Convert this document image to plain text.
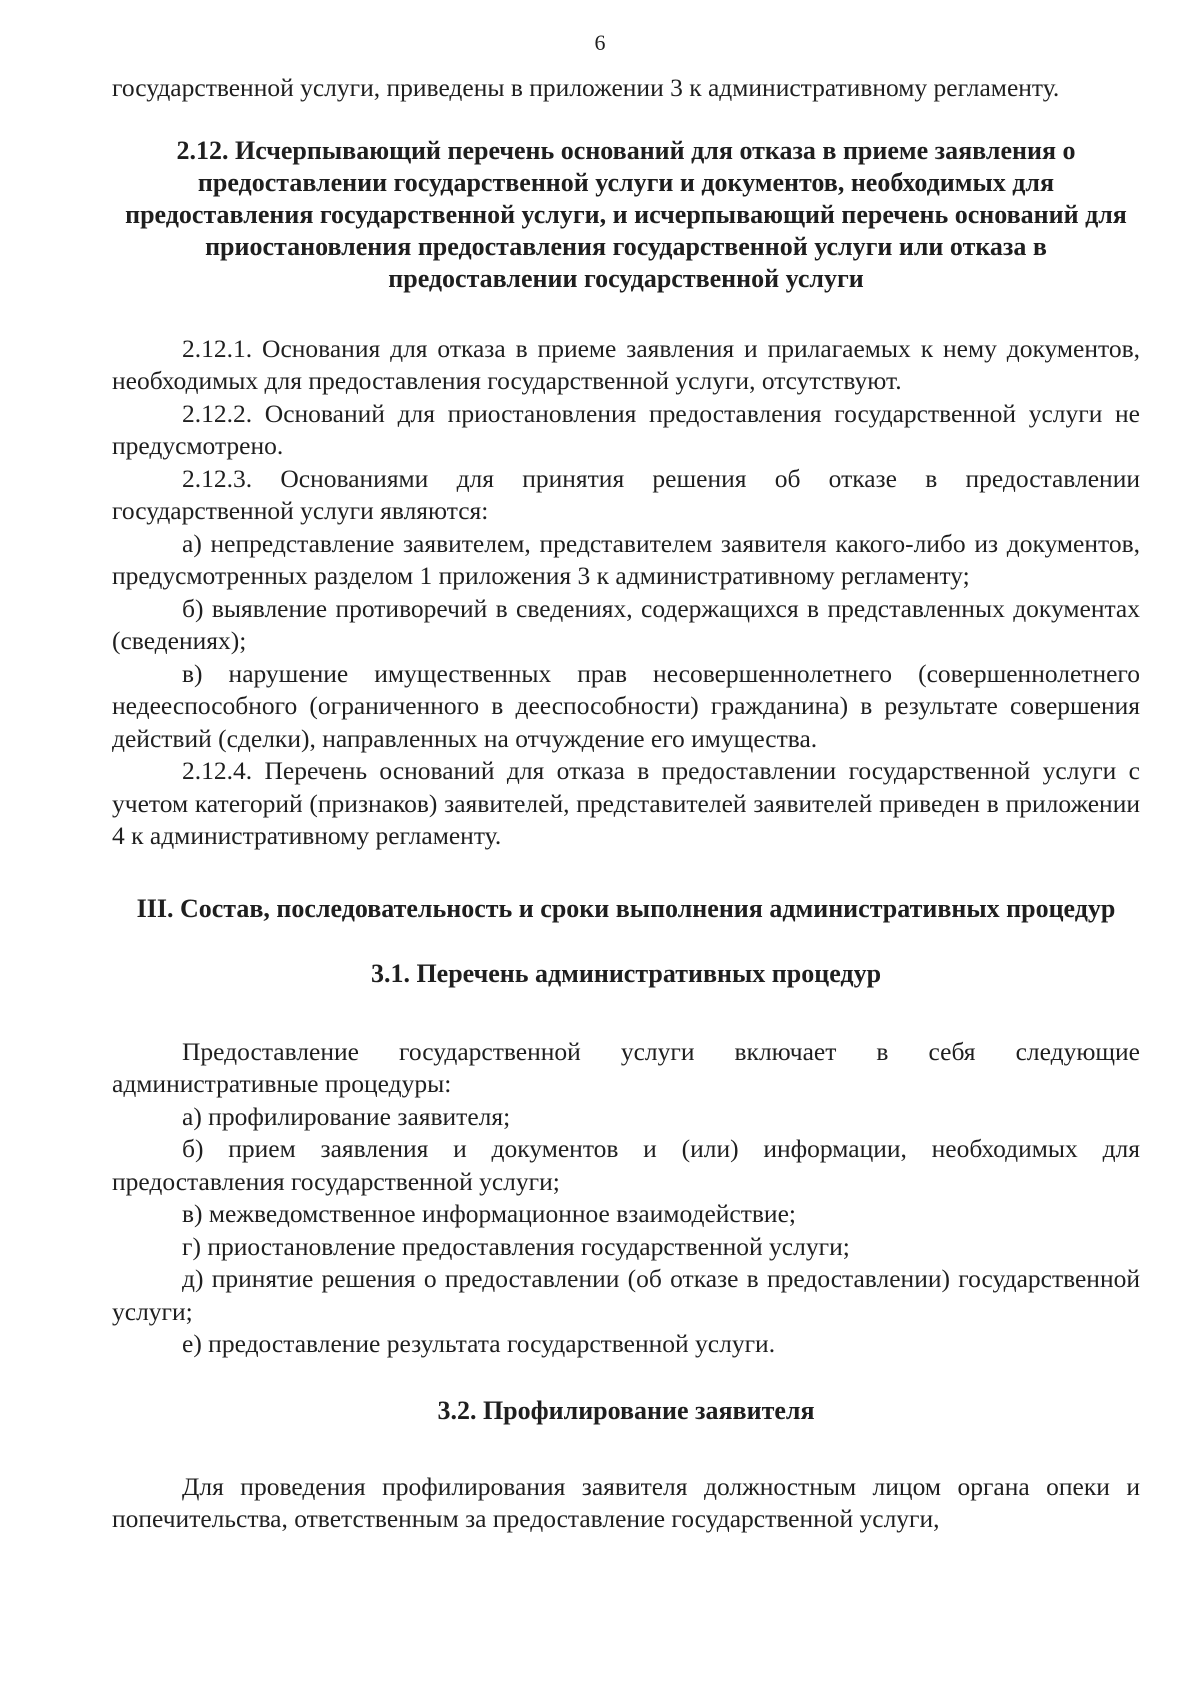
6

государственной услуги, приведены в приложении 3 к административному регламенту.

2.12. Исчерпывающий перечень оснований для отказа в приеме заявления о предоставлении государственной услуги и документов, необходимых для предоставления государственной услуги, и исчерпывающий перечень оснований для приостановления предоставления государственной услуги или отказа в предоставлении государственной услуги

2.12.1. Основания для отказа в приеме заявления и прилагаемых к нему документов, необходимых для предоставления государственной услуги, отсутствуют.

2.12.2. Оснований для приостановления предоставления государственной услуги не предусмотрено.

2.12.3. Основаниями для принятия решения об отказе в предоставлении государственной услуги являются:

а) непредставление заявителем, представителем заявителя какого-либо из документов, предусмотренных разделом 1 приложения 3 к административному регламенту;

б) выявление противоречий в сведениях, содержащихся в представленных документах (сведениях);

в) нарушение имущественных прав несовершеннолетнего (совершеннолетнего недееспособного (ограниченного в дееспособности) гражданина) в результате совершения действий (сделки), направленных на отчуждение его имущества.

2.12.4. Перечень оснований для отказа в предоставлении государственной услуги с учетом категорий (признаков) заявителей, представителей заявителей приведен в приложении 4 к административному регламенту.

III. Состав, последовательность и сроки выполнения административных процедур
3.1. Перечень административных процедур

Предоставление государственной услуги включает в себя следующие административные процедуры:

а) профилирование заявителя;

б) прием заявления и документов и (или) информации, необходимых для предоставления государственной услуги;

в) межведомственное информационное взаимодействие;

г) приостановление предоставления государственной услуги;

д) принятие решения о предоставлении (об отказе в предоставлении) государственной услуги;

е) предоставление результата государственной услуги.

3.2. Профилирование заявителя

Для проведения профилирования заявителя должностным лицом органа опеки и попечительства, ответственным за предоставление государственной услуги,
